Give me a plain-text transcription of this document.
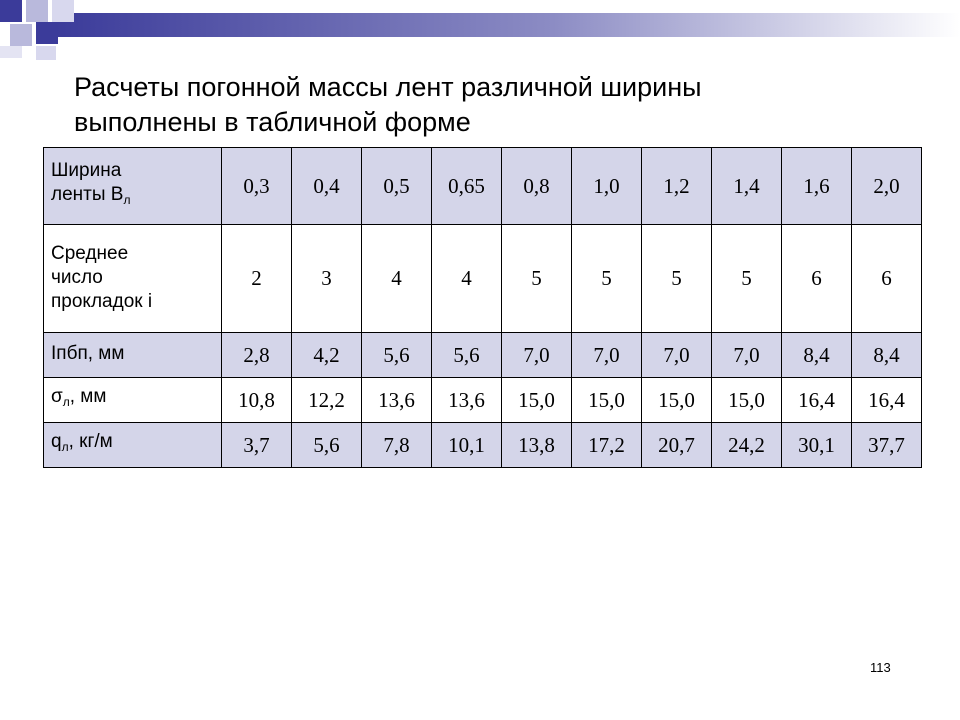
Расчеты погонной массы лент различной ширины
выполнены в табличной форме
Ширина
ленты $В_л$	0,3	0,4	0,5	0,65	0,8	1,0	1,2	1,4	1,6	2,0

Среднее
число
прокладок i	2	3	4	4	5	5	5	5	6	6

Iпбп, мм	2,8	4,2	5,6	5,6	7,0	7,0	7,0	7,0	8,4	8,4

$\sigma_л$, мм	10,8	12,2	13,6	13,6	15,0	15,0	15,0	15,0	16,4	16,4

$q_л$, кг/м	3,7	5,6	7,8	10,1	13,8	17,2	20,7	24,2	30,1	37,7
113
